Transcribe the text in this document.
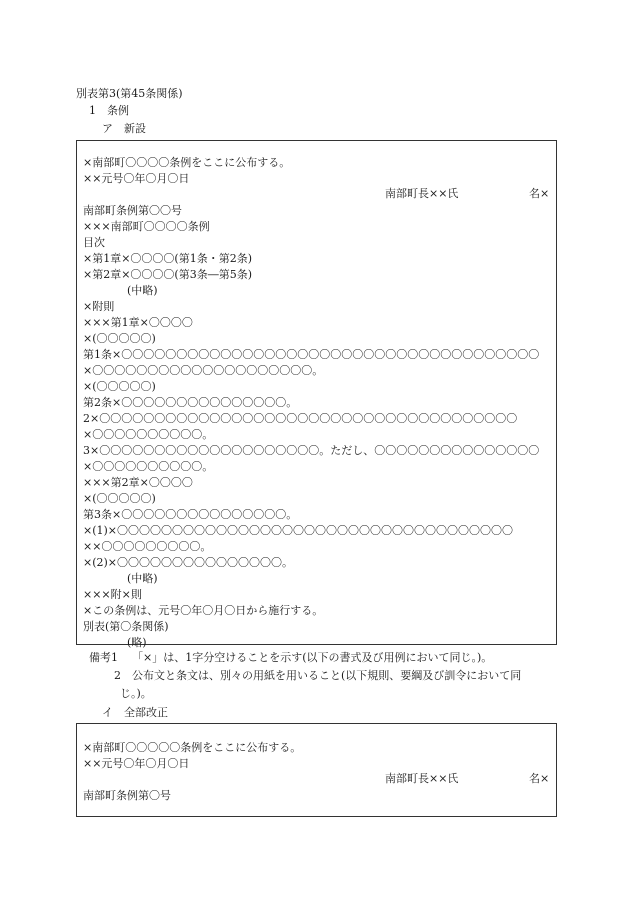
別表第3(第45条関係)
1　条例
ア　新設
×南部町〇〇〇〇条例をここに公布する。
××元号〇年〇月〇日
南部町長××氏	名×
南部町条例第〇〇号
×××南部町〇〇〇〇条例
目次
×第1章×〇〇〇〇(第1条・第2条)
×第2章×〇〇〇〇(第3条―第5条)
　　　　(中略)
×附則
×××第1章×〇〇〇〇
×(〇〇〇〇〇)
第1条×〇〇〇〇〇〇〇〇〇〇〇〇〇〇〇〇〇〇〇〇〇〇〇〇〇〇〇〇〇〇〇〇〇〇〇〇〇〇
×〇〇〇〇〇〇〇〇〇〇〇〇〇〇〇〇〇〇〇〇。
×(〇〇〇〇〇)
第2条×〇〇〇〇〇〇〇〇〇〇〇〇〇〇〇。
2×〇〇〇〇〇〇〇〇〇〇〇〇〇〇〇〇〇〇〇〇〇〇〇〇〇〇〇〇〇〇〇〇〇〇〇〇〇〇
×〇〇〇〇〇〇〇〇〇〇。
3×〇〇〇〇〇〇〇〇〇〇〇〇〇〇〇〇〇〇〇〇。ただし、〇〇〇〇〇〇〇〇〇〇〇〇〇〇〇
×〇〇〇〇〇〇〇〇〇〇。
×××第2章×〇〇〇〇
×(〇〇〇〇〇)
第3条×〇〇〇〇〇〇〇〇〇〇〇〇〇〇〇。
×(1)×〇〇〇〇〇〇〇〇〇〇〇〇〇〇〇〇〇〇〇〇〇〇〇〇〇〇〇〇〇〇〇〇〇〇〇〇
××〇〇〇〇〇〇〇〇〇。
×(2)×〇〇〇〇〇〇〇〇〇〇〇〇〇〇〇。
　　　　(中略)
×××附×則
×この条例は、元号〇年〇月〇日から施行する。
別表(第〇条関係)
　　　　(略)
備考1 「×」は、1字分空けることを示す(以下の書式及び用例において同じ。)。
2 公布文と条文は、別々の用紙を用いること(以下規則、要綱及び訓令において同
じ。)。
イ　全部改正
×南部町〇〇〇〇〇条例をここに公布する。
××元号〇年〇月〇日
南部町長××氏	名×
南部町条例第〇号
